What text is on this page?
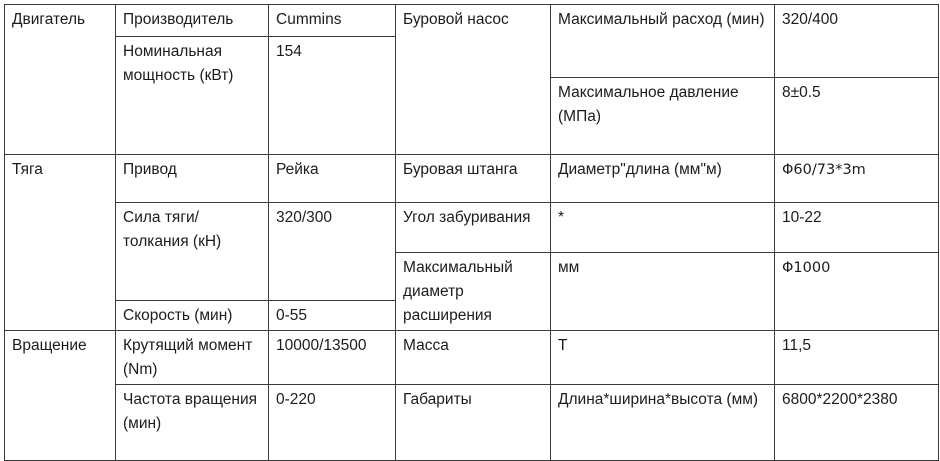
Двигатель	Производитель	Cummins	Буровой насос	Максимальный расход (мин)	320/400
	Номинальная мощность (кВт)	154			
				Максимальное давление (МПа)	8±0.5
Тяга	Привод	Рейка	Буровая штанга	Диаметр"длина (мм"м)	Φ60/73*3m
	Сила тяги/толкания (кН)	320/300	Угол забуривания	*	10-22
			Максимальный диаметр расширения	мм	Φ1000
	Скорость (мин)	0-55			
Вращение	Крутящий момент (Nm)	10000/13500	Масса	T	11,5
	Частота вращения (мин)	0-220	Габариты	Длина*ширина*высота (мм)	6800*2200*2380
